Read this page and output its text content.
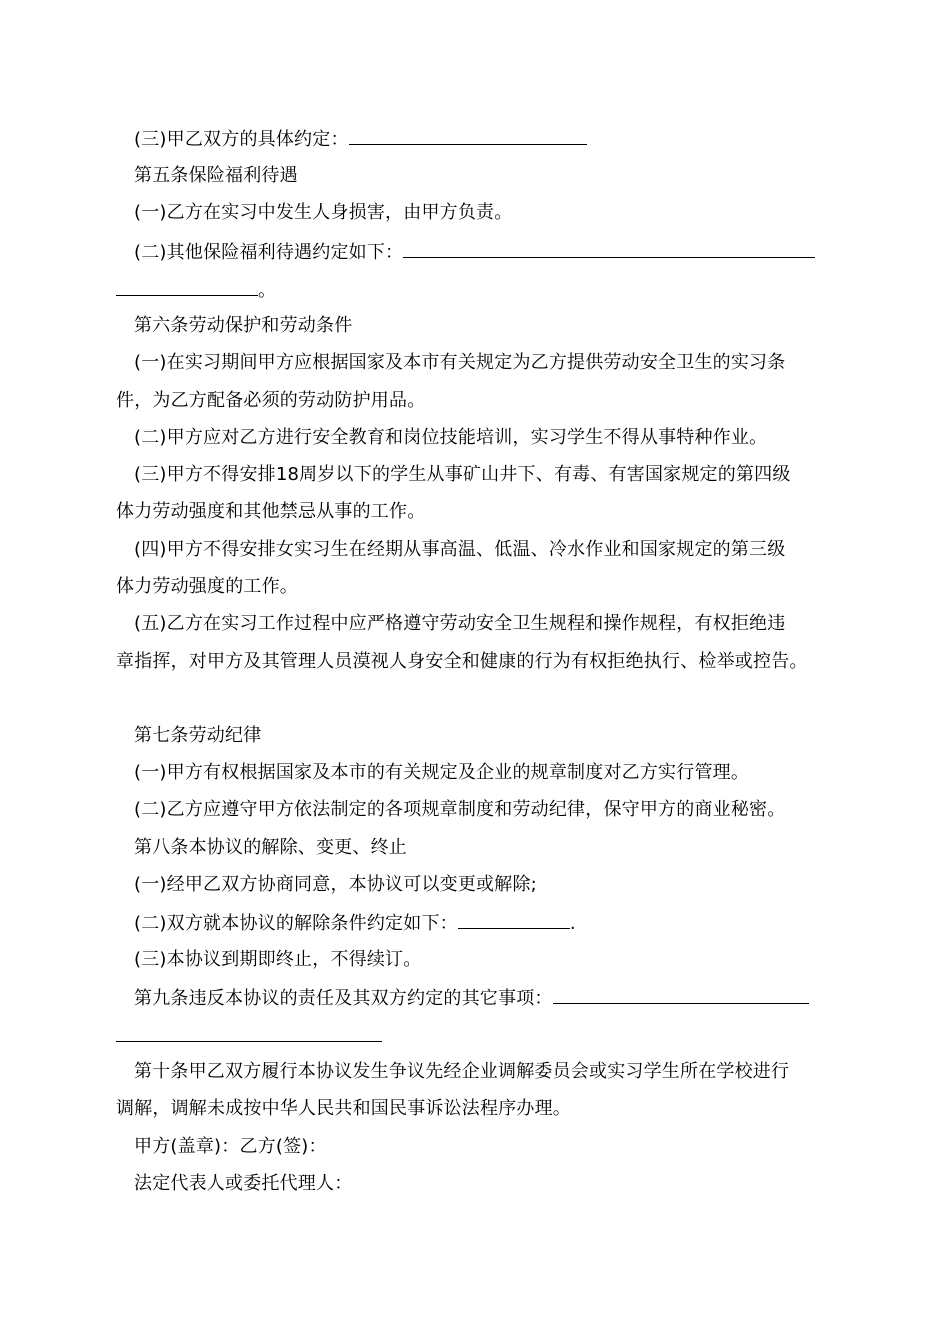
(三)甲乙双方的具体约定：
第五条保险福利待遇
(一)乙方在实习中发生人身损害，由甲方负责。
(二)其他保险福利待遇约定如下：
。
第六条劳动保护和劳动条件
(一)在实习期间甲方应根据国家及本市有关规定为乙方提供劳动安全卫生的实习条
件，为乙方配备必须的劳动防护用品。
(二)甲方应对乙方进行安全教育和岗位技能培训，实习学生不得从事特种作业。
(三)甲方不得安排18周岁以下的学生从事矿山井下、有毒、有害国家规定的第四级
体力劳动强度和其他禁忌从事的工作。
(四)甲方不得安排女实习生在经期从事高温、低温、冷水作业和国家规定的第三级
体力劳动强度的工作。
(五)乙方在实习工作过程中应严格遵守劳动安全卫生规程和操作规程，有权拒绝违
章指挥，对甲方及其管理人员漠视人身安全和健康的行为有权拒绝执行、检举或控告。
第七条劳动纪律
(一)甲方有权根据国家及本市的有关规定及企业的规章制度对乙方实行管理。
(二)乙方应遵守甲方依法制定的各项规章制度和劳动纪律，保守甲方的商业秘密。
第八条本协议的解除、变更、终止
(一)经甲乙双方协商同意，本协议可以变更或解除;
(二)双方就本协议的解除条件约定如下：	.
(三)本协议到期即终止，不得续订。
第九条违反本协议的责任及其双方约定的其它事项：
第十条甲乙双方履行本协议发生争议先经企业调解委员会或实习学生所在学校进行
调解，调解未成按中华人民共和国民事诉讼法程序办理。
甲方(盖章)：乙方(签)：
法定代表人或委托代理人：
